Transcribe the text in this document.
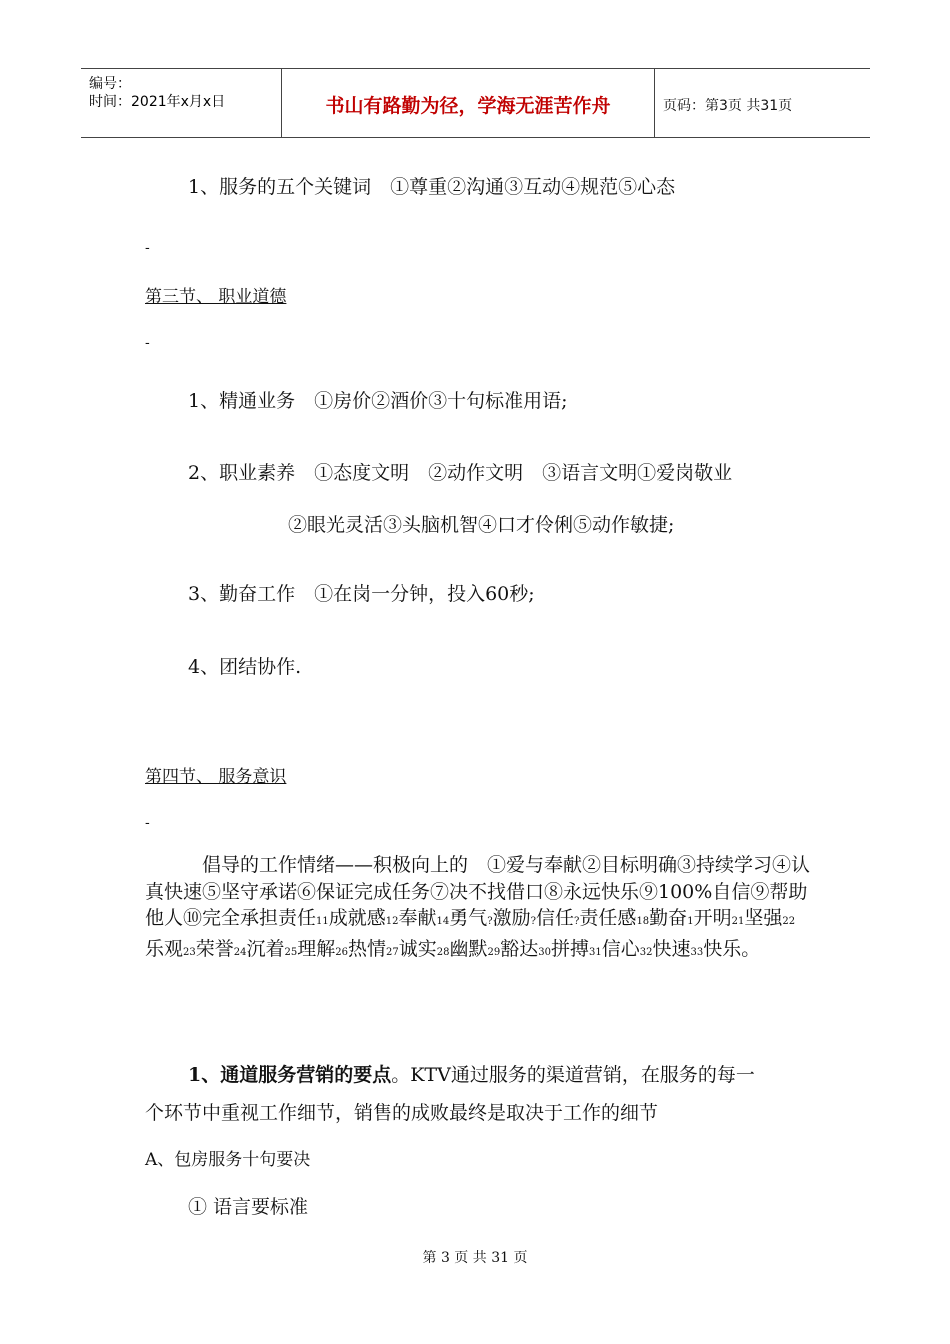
编号：
时间：2021年x月x日	书山有路勤为径，学海无涯苦作舟	页码：第3页 共31页
1、服务的五个关键词　①尊重②沟通③互动④规范⑤心态
-
第三节、 职业道德
-
1、精通业务　①房价②酒价③十句标准用语;
2、职业素养　①态度文明　②动作文明　③语言文明①爱岗敬业
②眼光灵活③头脑机智④口才伶俐⑤动作敏捷;
3、勤奋工作　①在岗一分钟，投入60秒;
4、团结协作.
第四节、 服务意识
-
倡导的工作情绪——积极向上的　①爱与奉献②目标明确③持续学习④认真快速⑤坚守承诺⑥保证完成任务⑦决不找借口⑧永远快乐⑨100%自信⑨帮助他人⑩完全承担责任11成就感12奉献14勇气?激励?信任?责任感18勤奋1开明21坚强22乐观23荣誉24沉着25理解26热情27诚实28幽默29豁达30拼搏31信心32快速33快乐。
1、通道服务营销的要点。KTV通过服务的渠道营销，在服务的每一
个环节中重视工作细节，销售的成败最终是取决于工作的细节
A、包房服务十句要决
① 语言要标准
第 3 页 共 31 页
